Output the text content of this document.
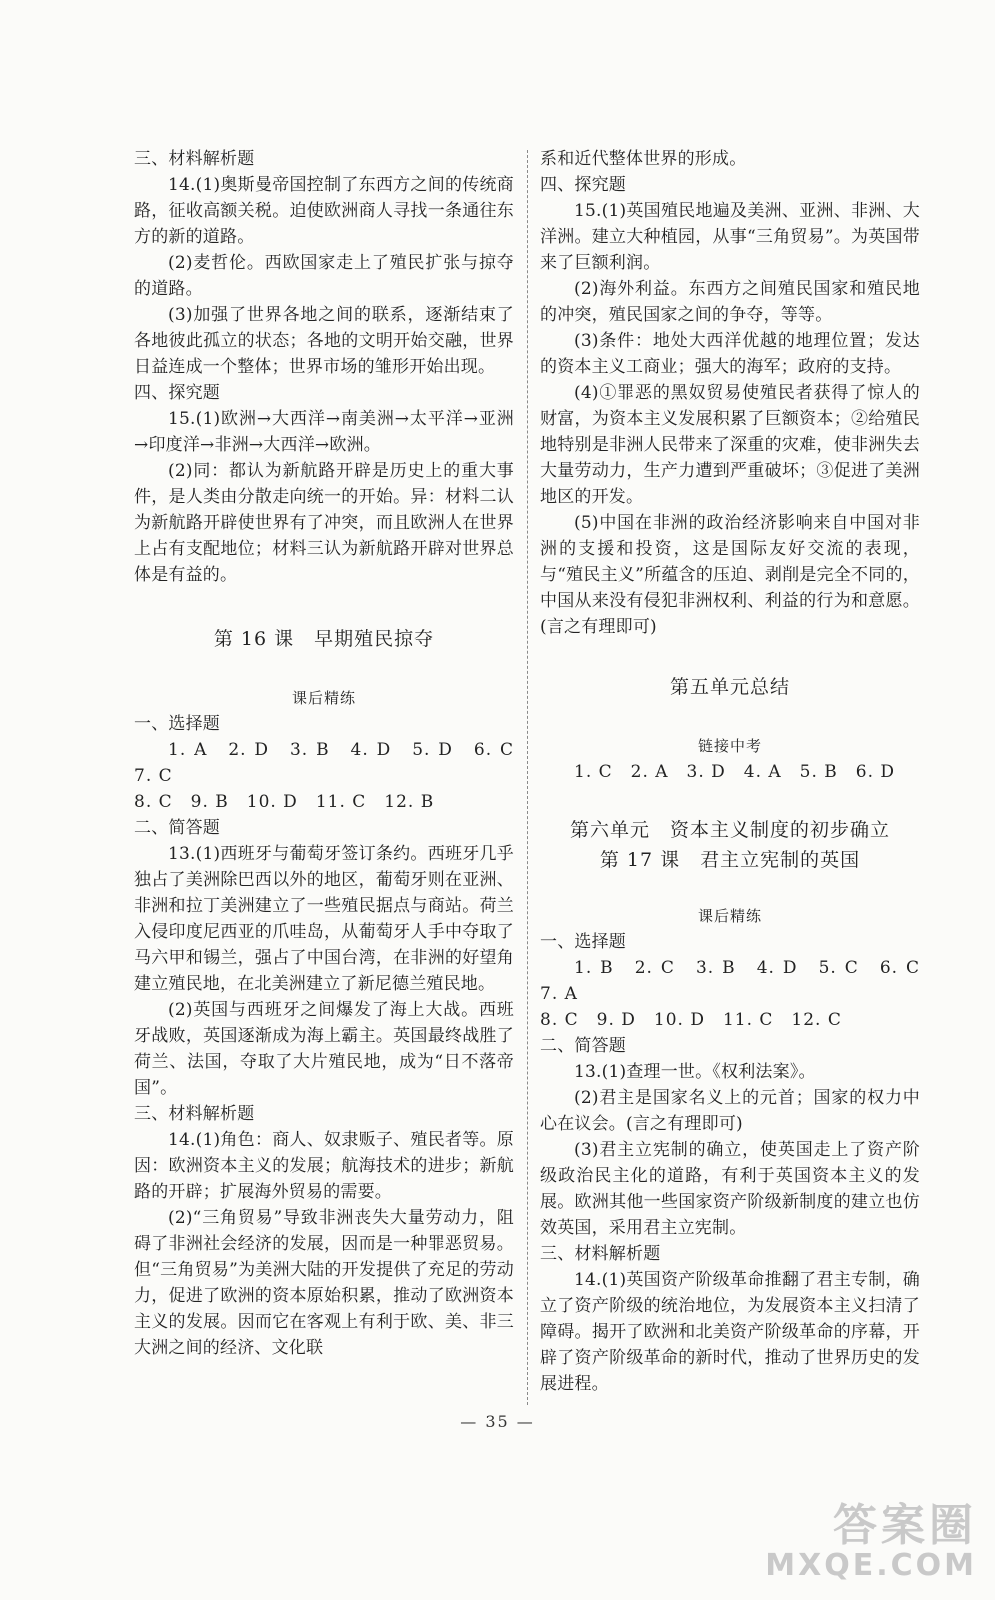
三、材料解析题

14.(1)奥斯曼帝国控制了东西方之间的传统商路，征收高额关税。迫使欧洲商人寻找一条通往东方的新的道路。

(2)麦哲伦。西欧国家走上了殖民扩张与掠夺的道路。

(3)加强了世界各地之间的联系，逐渐结束了各地彼此孤立的状态；各地的文明开始交融，世界日益连成一个整体；世界市场的雏形开始出现。

四、探究题

15.(1)欧洲→大西洋→南美洲→太平洋→亚洲→印度洋→非洲→大西洋→欧洲。

(2)同：都认为新航路开辟是历史上的重大事件，是人类由分散走向统一的开始。异：材料二认为新航路开辟使世界有了冲突，而且欧洲人在世界上占有支配地位；材料三认为新航路开辟对世界总体是有益的。

第 16 课　早期殖民掠夺

课后精练

一、选择题

1. A　2. D　3. B　4. D　5. D　6. C　7. C

8. C　9. B　10. D　11. C　12. B

二、简答题

13.(1)西班牙与葡萄牙签订条约。西班牙几乎独占了美洲除巴西以外的地区，葡萄牙则在亚洲、非洲和拉丁美洲建立了一些殖民据点与商站。荷兰入侵印度尼西亚的爪哇岛，从葡萄牙人手中夺取了马六甲和锡兰，强占了中国台湾，在非洲的好望角建立殖民地，在北美洲建立了新尼德兰殖民地。

(2)英国与西班牙之间爆发了海上大战。西班牙战败，英国逐渐成为海上霸主。英国最终战胜了荷兰、法国，夺取了大片殖民地，成为“日不落帝国”。

三、材料解析题

14.(1)角色：商人、奴隶贩子、殖民者等。原因：欧洲资本主义的发展；航海技术的进步；新航路的开辟；扩展海外贸易的需要。

(2)“三角贸易”导致非洲丧失大量劳动力，阻碍了非洲社会经济的发展，因而是一种罪恶贸易。但“三角贸易”为美洲大陆的开发提供了充足的劳动力，促进了欧洲的资本原始积累，推动了欧洲资本主义的发展。因而它在客观上有利于欧、美、非三大洲之间的经济、文化联

系和近代整体世界的形成。

四、探究题

15.(1)英国殖民地遍及美洲、亚洲、非洲、大洋洲。建立大种植园，从事“三角贸易”。为英国带来了巨额利润。

(2)海外利益。东西方之间殖民国家和殖民地的冲突，殖民国家之间的争夺，等等。

(3)条件：地处大西洋优越的地理位置；发达的资本主义工商业；强大的海军；政府的支持。

(4)①罪恶的黑奴贸易使殖民者获得了惊人的财富，为资本主义发展积累了巨额资本；②给殖民地特别是非洲人民带来了深重的灾难，使非洲失去大量劳动力，生产力遭到严重破坏；③促进了美洲地区的开发。

(5)中国在非洲的政治经济影响来自中国对非洲的支援和投资，这是国际友好交流的表现，与“殖民主义”所蕴含的压迫、剥削是完全不同的，中国从来没有侵犯非洲权利、利益的行为和意愿。(言之有理即可)

第五单元总结

链接中考

1. C　2. A　3. D　4. A　5. B　6. D

第六单元　资本主义制度的初步确立
第 17 课　君主立宪制的英国

课后精练

一、选择题

1. B　2. C　3. B　4. D　5. C　6. C　7. A

8. C　9. D　10. D　11. C　12. C

二、简答题

13.(1)查理一世。《权利法案》。

(2)君主是国家名义上的元首；国家的权力中心在议会。(言之有理即可)

(3)君主立宪制的确立，使英国走上了资产阶级政治民主化的道路，有利于英国资本主义的发展。欧洲其他一些国家资产阶级新制度的建立也仿效英国，采用君主立宪制。

三、材料解析题

14.(1)英国资产阶级革命推翻了君主专制，确立了资产阶级的统治地位，为发展资本主义扫清了障碍。揭开了欧洲和北美资产阶级革命的序幕，开辟了资产阶级革命的新时代，推动了世界历史的发展进程。

— 35 —
答案圈
MXQE.COM
